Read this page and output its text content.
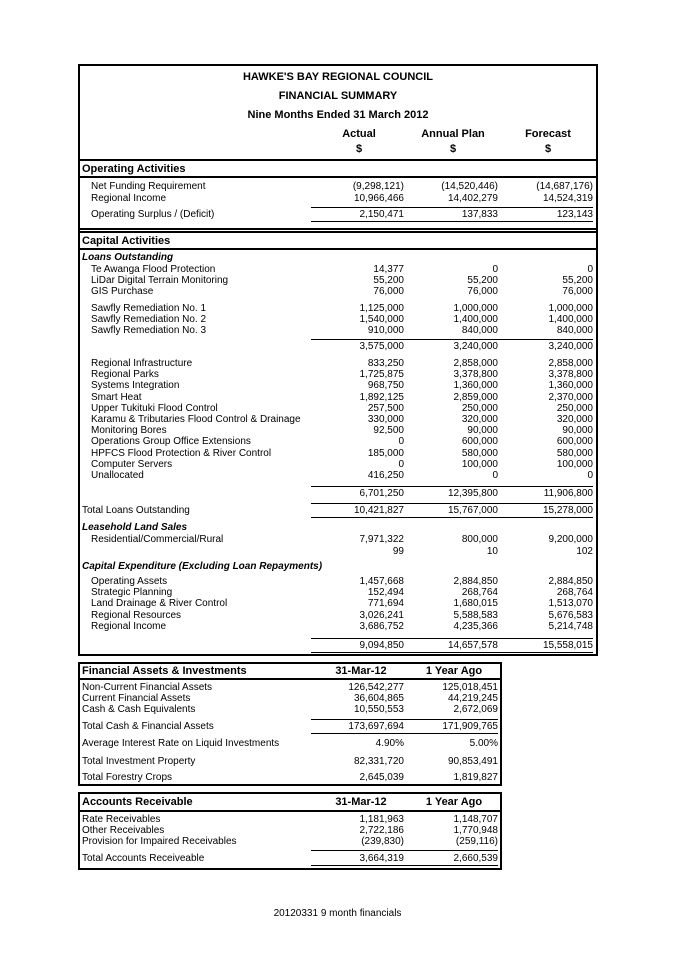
HAWKE'S BAY REGIONAL COUNCIL
FINANCIAL SUMMARY
Nine Months Ended 31 March 2012
Actual	Annual Plan	Forecast
$	$	$
Operating Activities
Net Funding Requirement	(9,298,121)	(14,520,446)	(14,687,176)
Regional Income	10,966,466	14,402,279	14,524,319
Operating Surplus / (Deficit)	2,150,471	137,833	123,143
Capital Activities
Loans Outstanding
Te Awanga Flood Protection	14,377	0	0
LiDar Digital Terrain Monitoring	55,200	55,200	55,200
GIS Purchase	76,000	76,000	76,000
Sawfly Remediation No. 1	1,125,000	1,000,000	1,000,000
Sawfly Remediation No. 2	1,540,000	1,400,000	1,400,000
Sawfly Remediation No. 3	910,000	840,000	840,000
3,575,000	3,240,000	3,240,000
Regional Infrastructure	833,250	2,858,000	2,858,000
Regional Parks	1,725,875	3,378,800	3,378,800
Systems Integration	968,750	1,360,000	1,360,000
Smart Heat	1,892,125	2,859,000	2,370,000
Upper Tukituki Flood Control	257,500	250,000	250,000
Karamu & Tributaries Flood Control & Drainage	330,000	320,000	320,000
Monitoring Bores	92,500	90,000	90,000
Operations Group Office Extensions	0	600,000	600,000
HPFCS Flood Protection & River Control	185,000	580,000	580,000
Computer Servers	0	100,000	100,000
Unallocated	416,250	0	0
6,701,250	12,395,800	11,906,800
Total Loans Outstanding	10,421,827	15,767,000	15,278,000
Leasehold Land Sales
Residential/Commercial/Rural	7,971,322	800,000	9,200,000
99	10	102
Capital Expenditure (Excluding Loan Repayments)
Operating Assets	1,457,668	2,884,850	2,884,850
Strategic Planning	152,494	268,764	268,764
Land Drainage & River Control	771,694	1,680,015	1,513,070
Regional Resources	3,026,241	5,588,583	5,676,583
Regional Income	3,686,752	4,235,366	5,214,748
9,094,850	14,657,578	15,558,015
Financial Assets & Investments	31-Mar-12	1 Year Ago
Non-Current Financial Assets	126,542,277	125,018,451
Current Financial Assets	36,604,865	44,219,245
Cash & Cash Equivalents	10,550,553	2,672,069
Total Cash & Financial Assets	173,697,694	171,909,765
Average Interest Rate on Liquid Investments	4.90%	5.00%
Total Investment Property	82,331,720	90,853,491
Total Forestry Crops	2,645,039	1,819,827
Accounts Receivable	31-Mar-12	1 Year Ago
Rate Receivables	1,181,963	1,148,707
Other Receivables	2,722,186	1,770,948
Provision for Impaired Receivables	(239,830)	(259,116)
Total Accounts Receiveable	3,664,319	2,660,539
20120331 9 month financials
